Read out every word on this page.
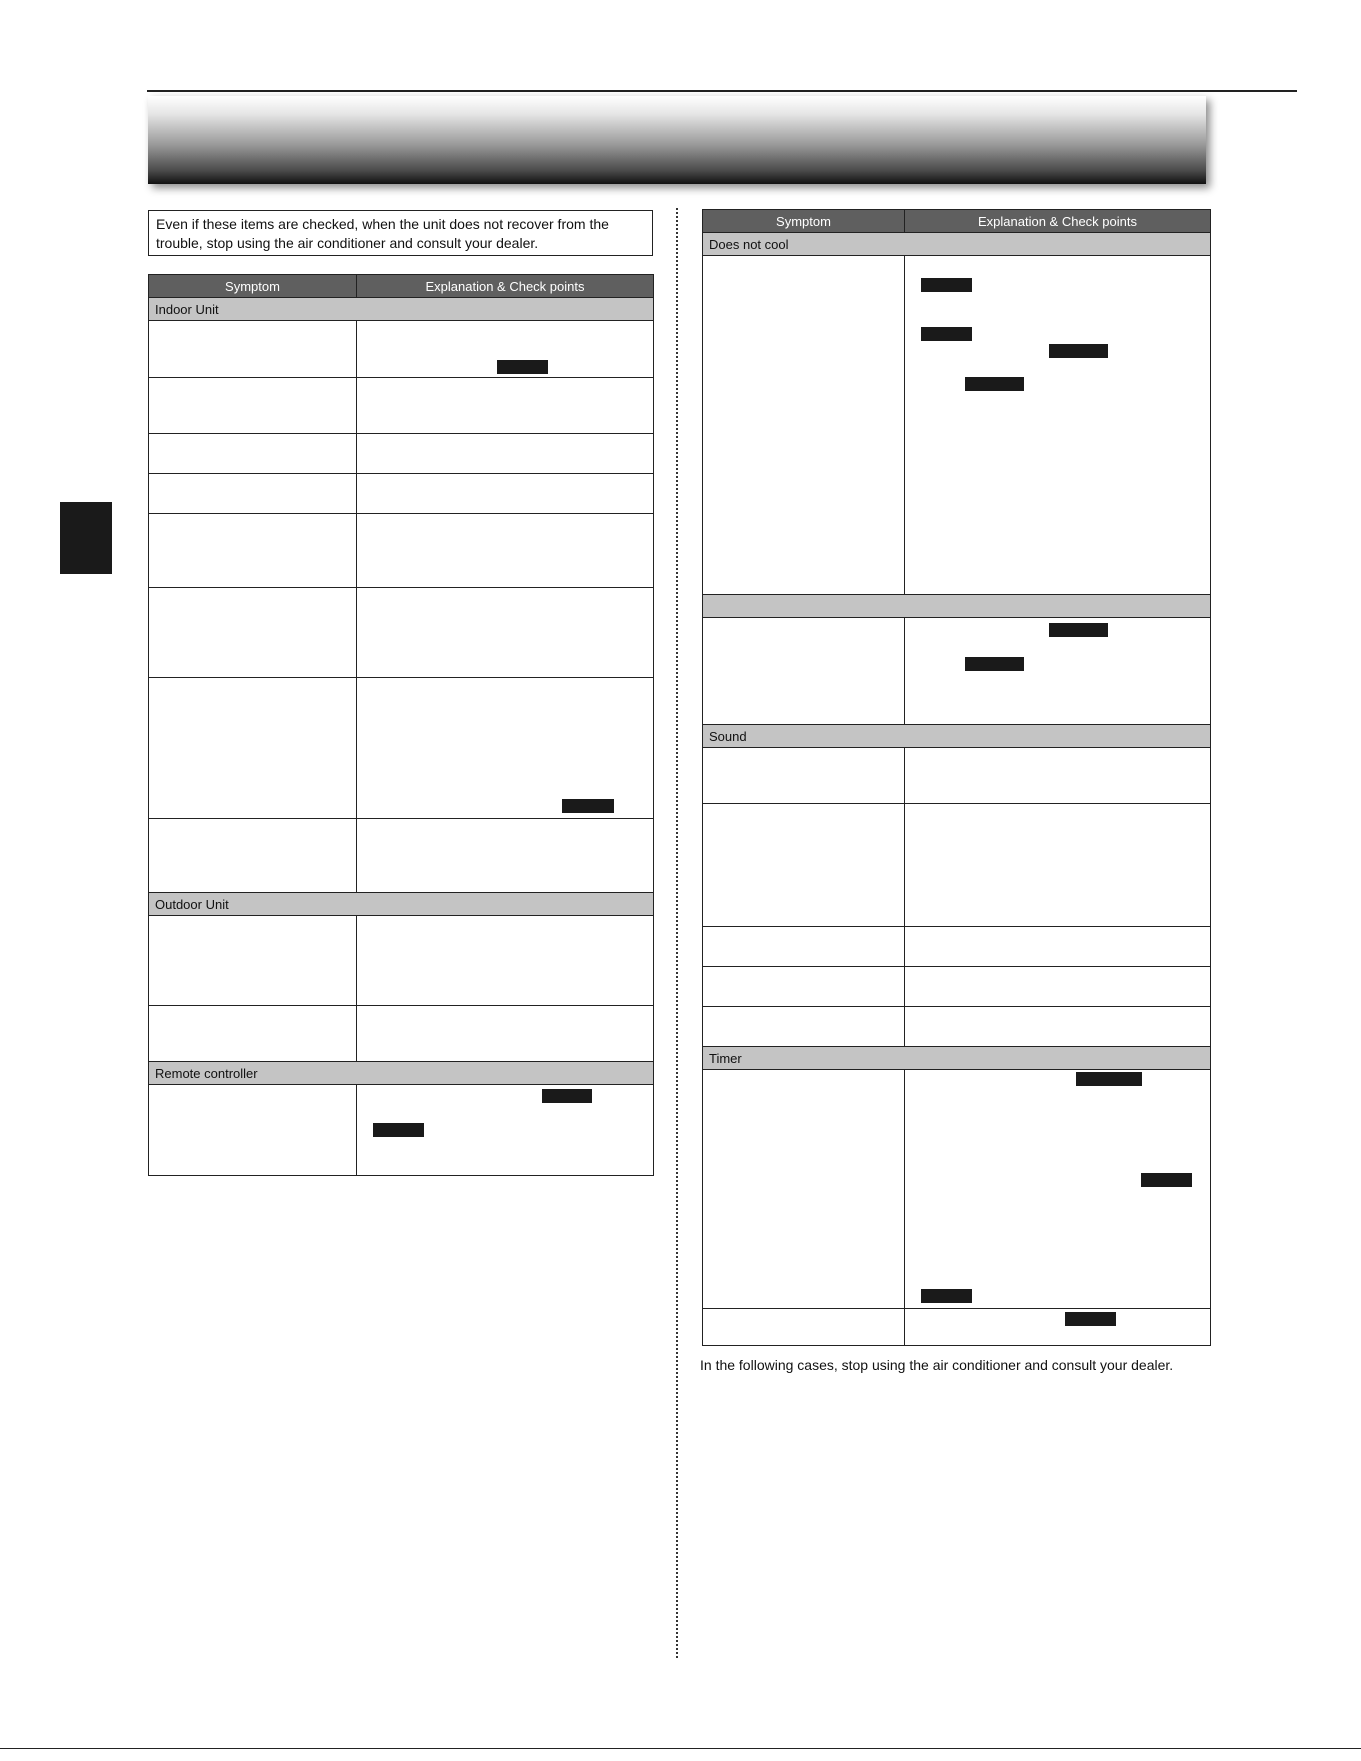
Even if these items are checked, when the unit does not recover from the trouble, stop using the air conditioner and consult your dealer.
Symptom	Explanation & Check points
Indoor Unit	

Outdoor Unit	

Remote controller	

Symptom	Explanation & Check points
Does not cool	

Sound	

Timer	

In the following cases, stop using the air conditioner and consult your dealer.
